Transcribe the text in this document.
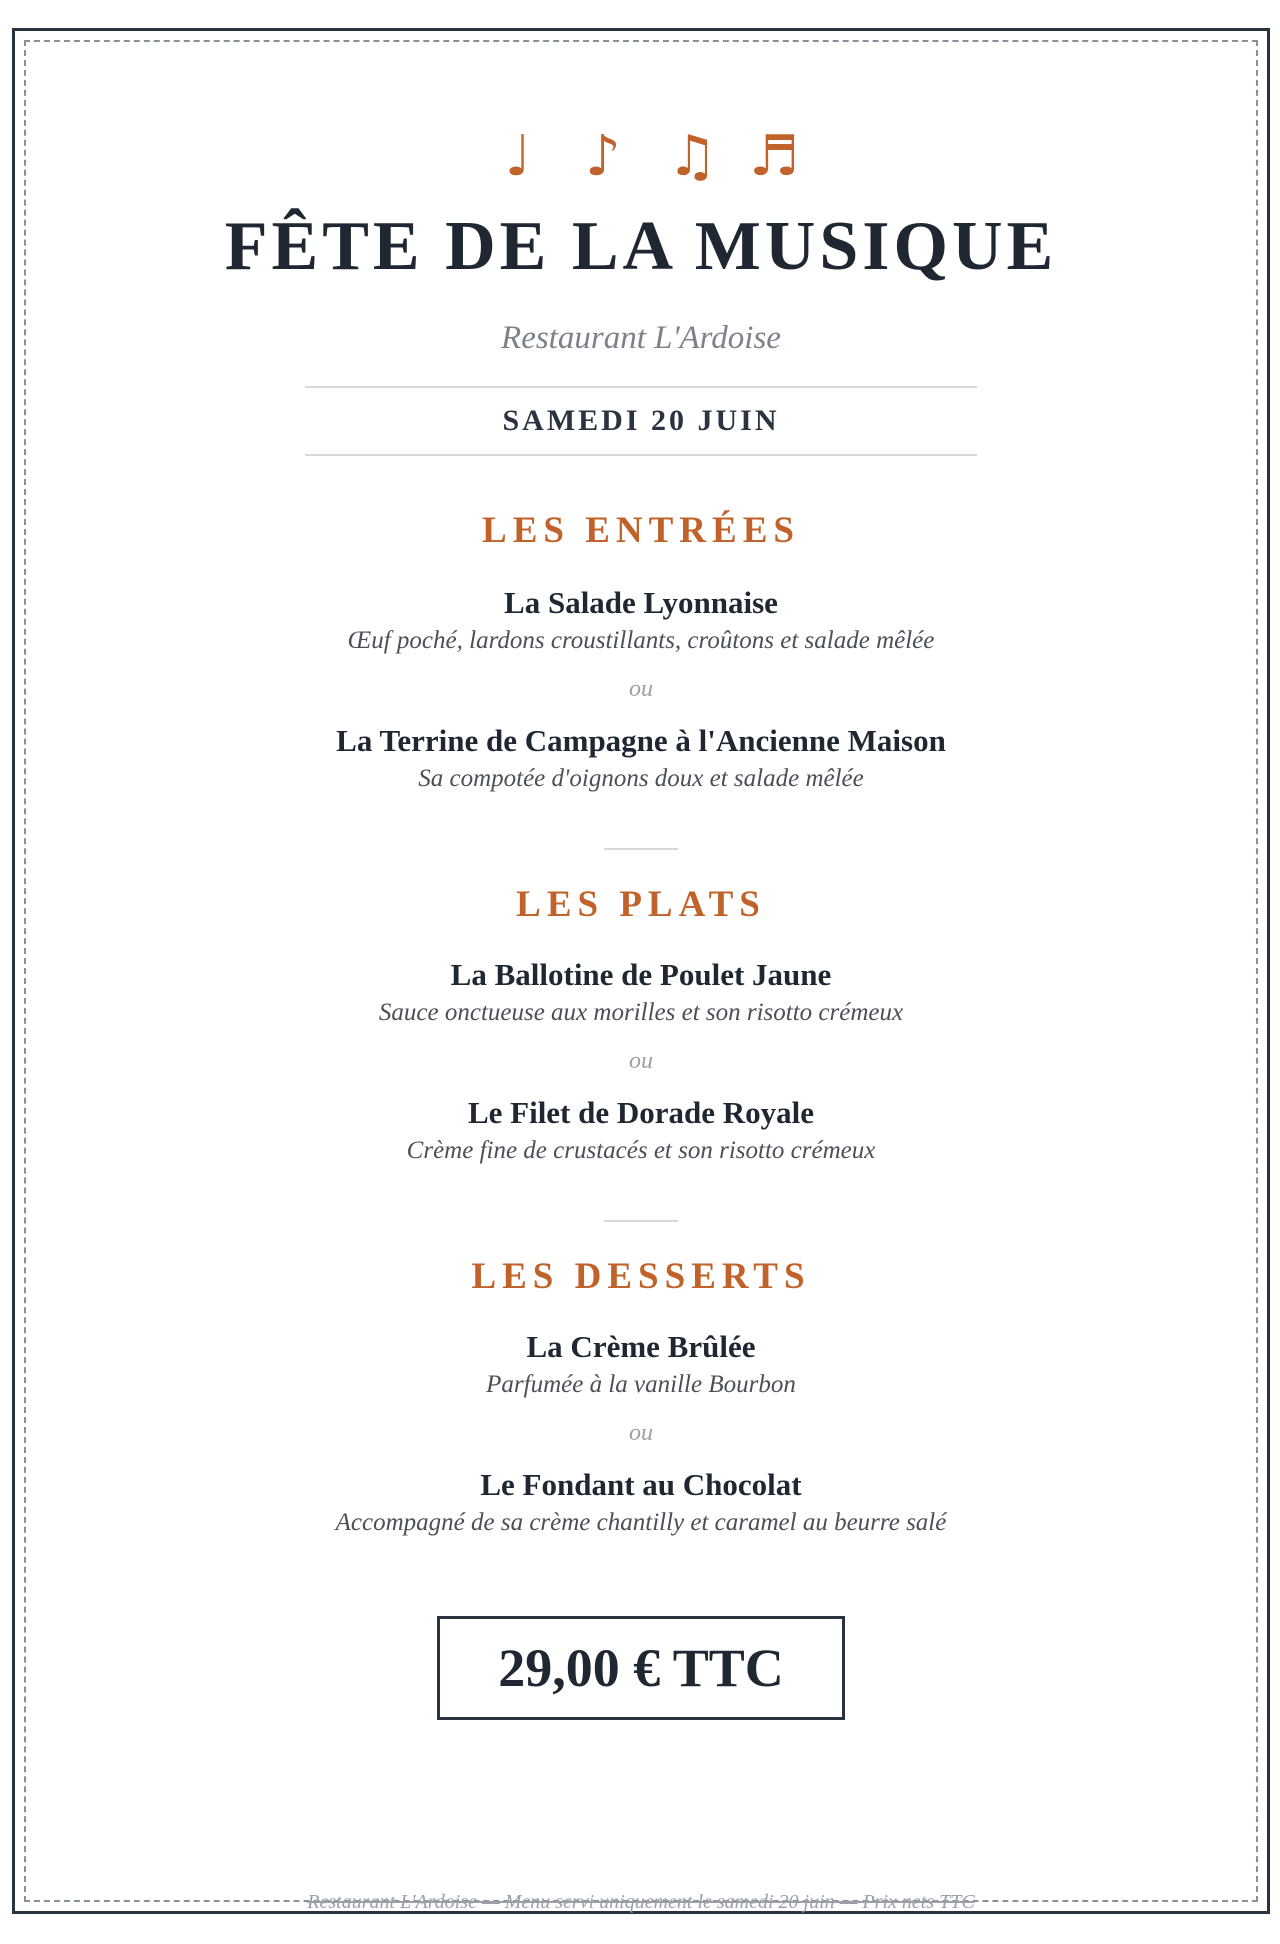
♩ ♪ ♫ ♬
FÊTE DE LA MUSIQUE
Restaurant L'Ardoise
SAMEDI 20 JUIN
LES ENTRÉES
La Salade Lyonnaise
Œuf poché, lardons croustillants, croûtons et salade mêlée
ou
La Terrine de Campagne à l'Ancienne Maison
Sa compotée d'oignons doux et salade mêlée
LES PLATS
La Ballotine de Poulet Jaune
Sauce onctueuse aux morilles et son risotto crémeux
ou
Le Filet de Dorade Royale
Crème fine de crustacés et son risotto crémeux
LES DESSERTS
La Crème Brûlée
Parfumée à la vanille Bourbon
ou
Le Fondant au Chocolat
Accompagné de sa crème chantilly et caramel au beurre salé
29,00 € TTC
Restaurant L'Ardoise — Menu servi uniquement le samedi 20 juin — Prix nets TTC
